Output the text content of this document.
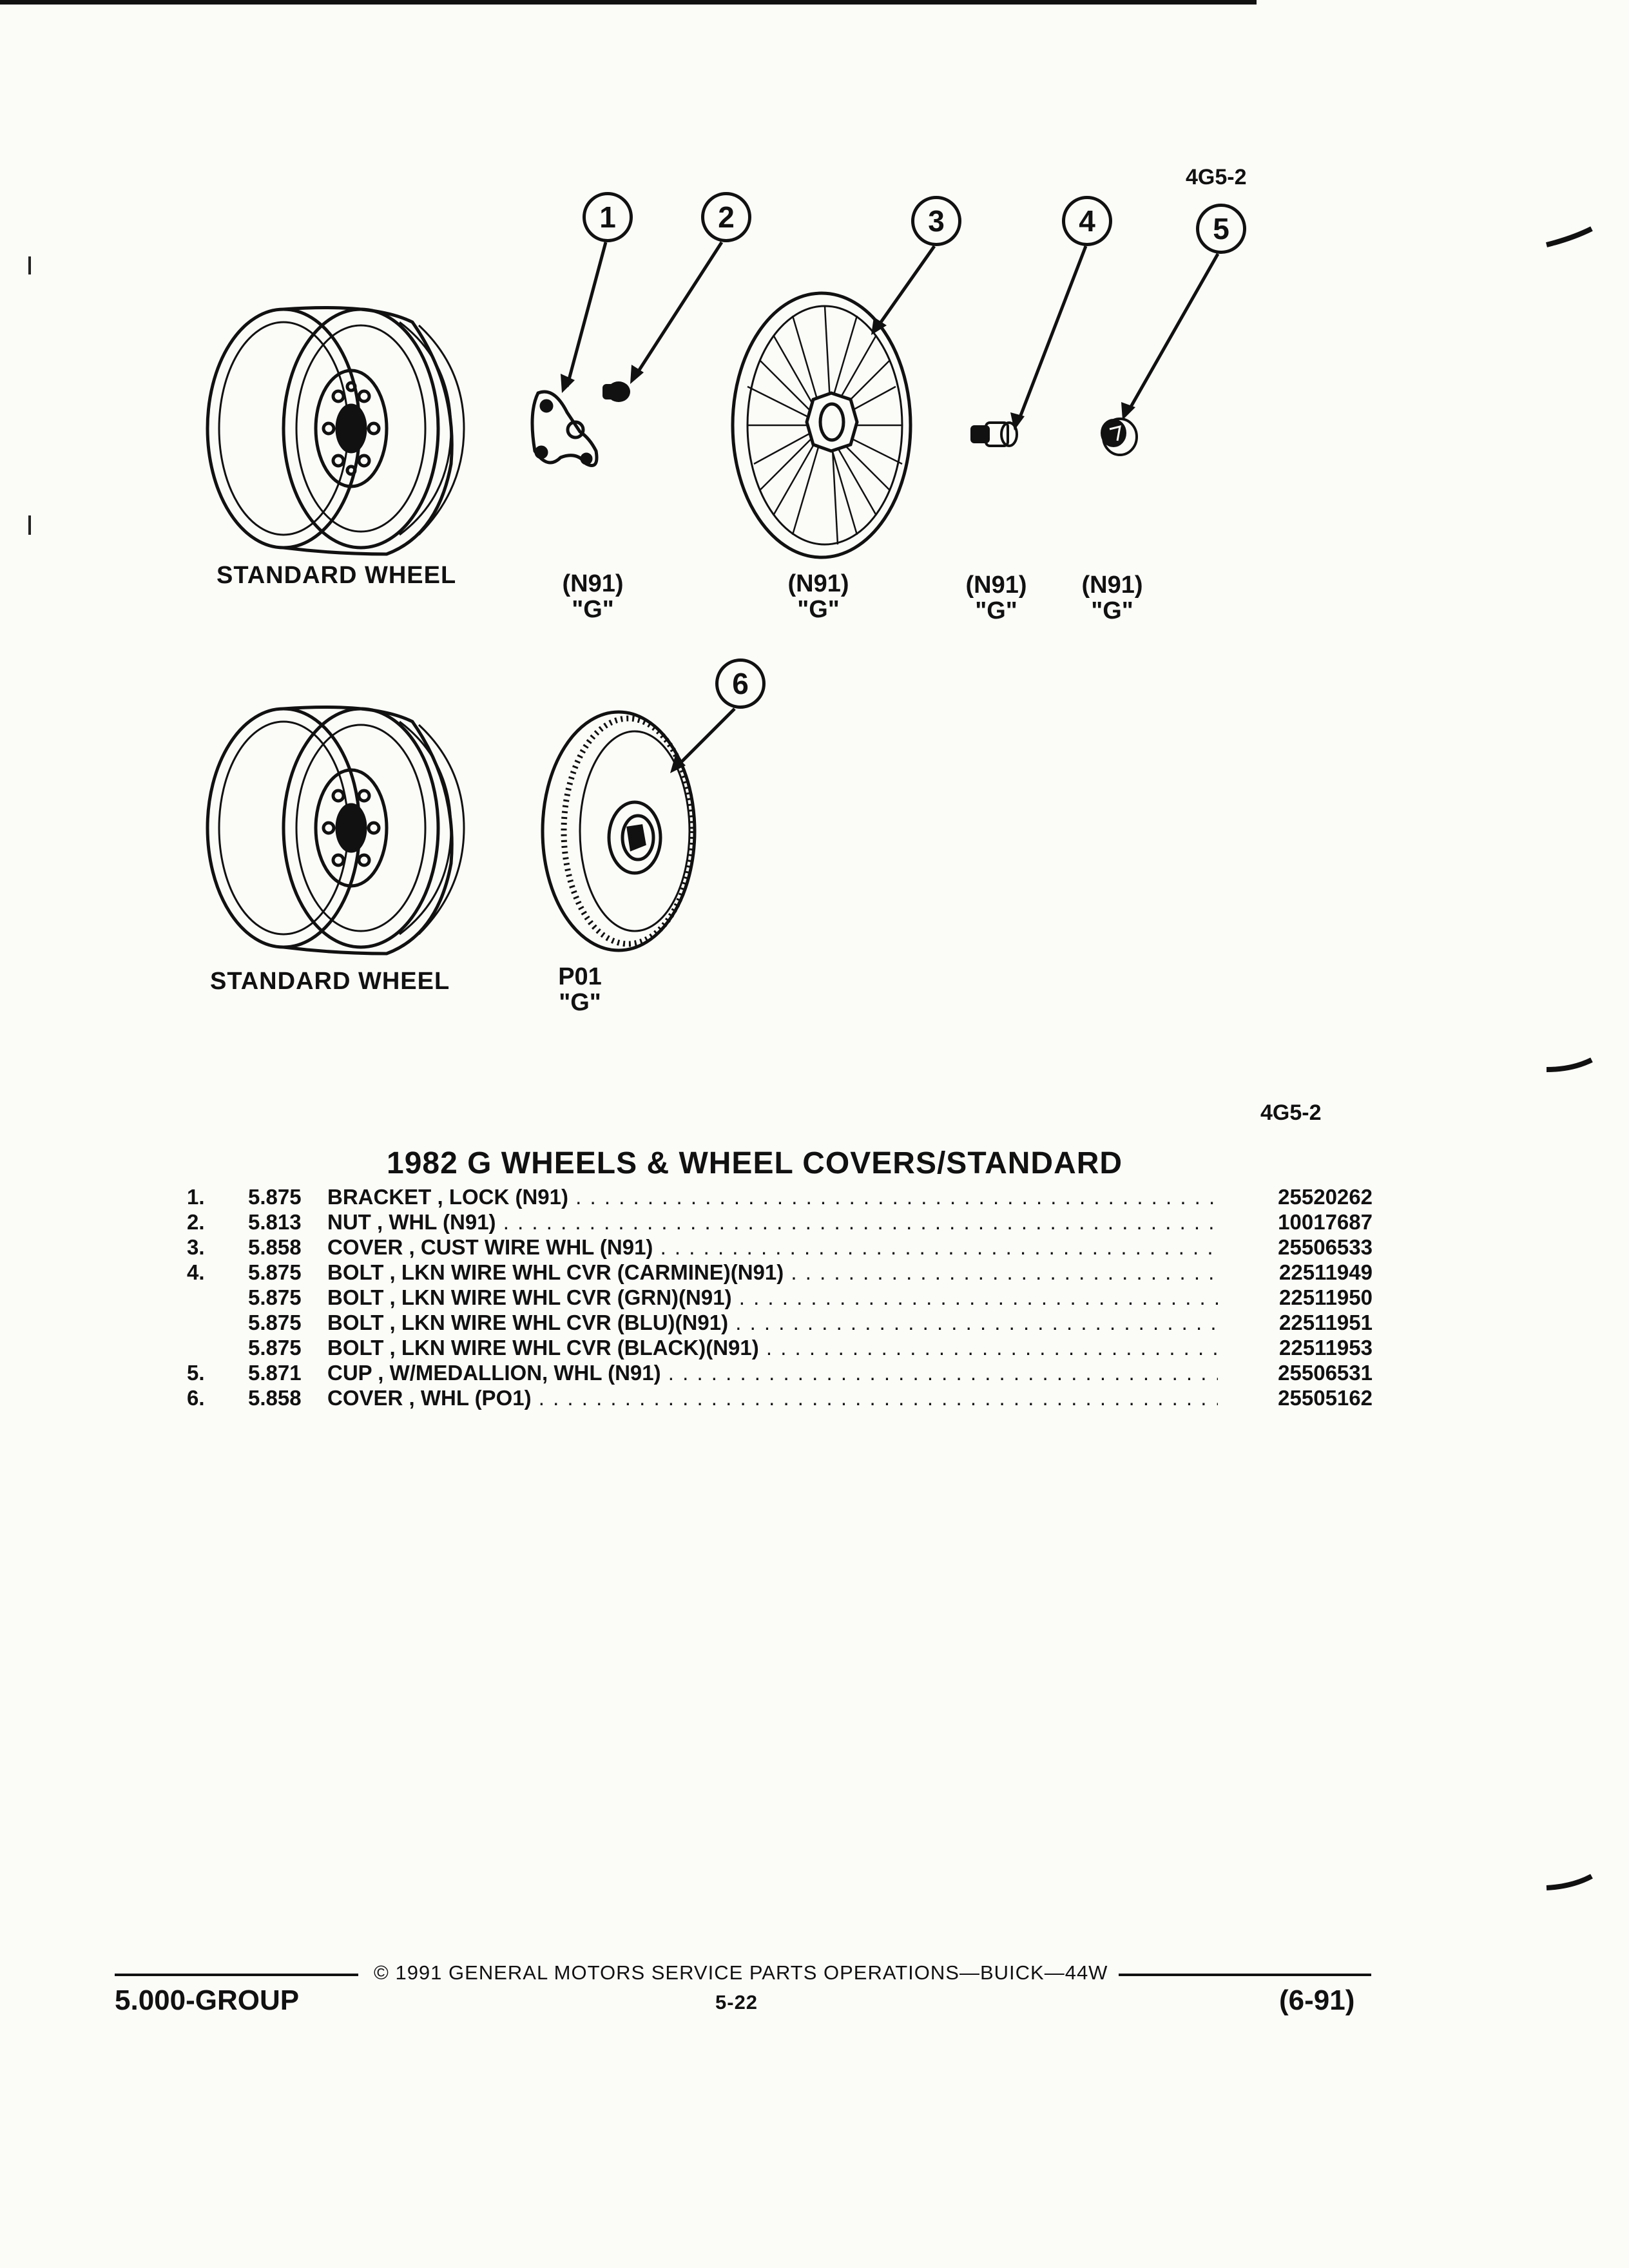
4G5-2
1	2	3	4	5
6
STANDARD WHEEL	(N91)
"G"
(N91)
"G"
(N91)
"G"
(N91)
"G"
STANDARD WHEEL	P01
"G"
4G5-2
1982 G WHEELS & WHEEL COVERS/STANDARD
1. 5.875 BRACKET , LOCK (N91) . . .	25520262
2. 5.813 NUT , WHL (N91) . . .	10017687
3. 5.858 COVER , CUST WIRE WHL (N91) . . .	25506533
4. 5.875 BOLT , LKN WIRE WHL CVR (CARMINE)(N91) . . .	22511949
5.875 BOLT , LKN WIRE WHL CVR (GRN)(N91) . . .	22511950
5.875 BOLT , LKN WIRE WHL CVR (BLU)(N91) . . .	22511951
5.875 BOLT , LKN WIRE WHL CVR (BLACK)(N91) . . .	22511953
5. 5.871 CUP , W/MEDALLION, WHL (N91) . . .	25506531
6. 5.858 COVER , WHL (PO1) . . .	25505162
© 1991 GENERAL MOTORS SERVICE PARTS OPERATIONS—BUICK—44W
5.000-GROUP	5-22	(6-91)
